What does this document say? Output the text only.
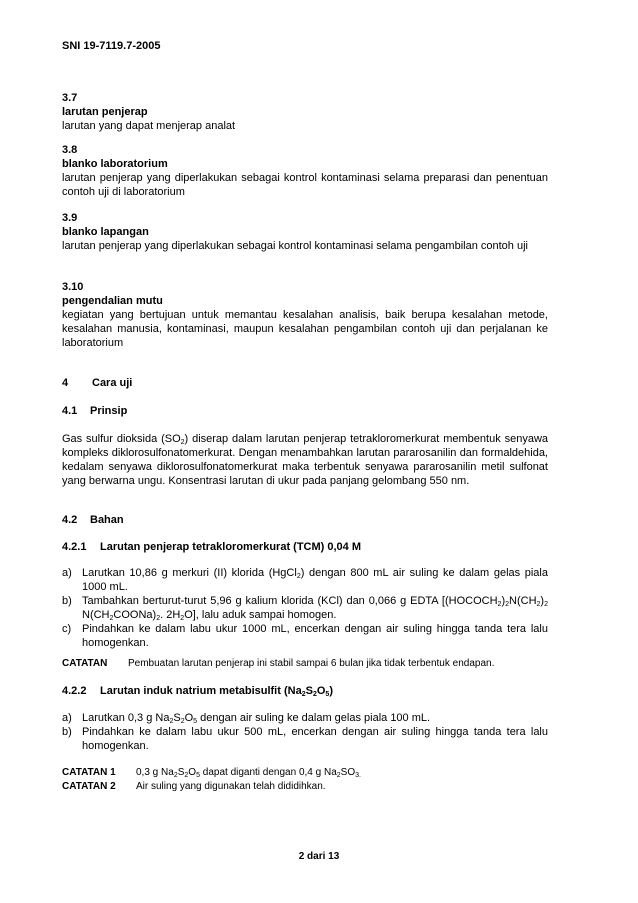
SNI 19-7119.7-2005

3.7

larutan penjerap

larutan yang dapat menjerap analat

3.8

blanko laboratorium

larutan penjerap yang diperlakukan sebagai kontrol kontaminasi selama preparasi dan penentuan contoh uji di laboratorium

3.9

blanko lapangan

larutan penjerap yang diperlakukan sebagai kontrol kontaminasi selama pengambilan contoh uji

3.10

pengendalian mutu

kegiatan yang bertujuan untuk memantau kesalahan analisis, baik berupa kesalahan metode, kesalahan manusia, kontaminasi, maupun kesalahan pengambilan contoh uji dan perjalanan ke laboratorium

4 Cara uji

4.1 Prinsip

Gas sulfur dioksida $(SO_2)$ diserap dalam larutan penjerap tetrakloromerkurat membentuk senyawa kompleks diklorosulfonatomerkurat. Dengan menambahkan larutan pararosanilin dan formaldehida, kedalam senyawa diklorosulfonatomerkurat maka terbentuk senyawa pararosanilin metil sulfonat yang berwarna ungu. Konsentrasi larutan di ukur pada panjang gelombang 550 nm.

4.2 Bahan

4.2.1 Larutan penjerap tetrakloromerkurat (TCM) 0,04 M

a) Larutkan 10,86 g merkuri (II) klorida (HgCl$_2$) dengan 800 mL air suling ke dalam gelas piala 1000 mL.
b) Tambahkan berturut-turut 5,96 g kalium klorida (KCl) dan 0,066 g EDTA [$(HOCOCH_2)_2N(CH_2)_2$ $N(CH_2COONa)_2$. $2H_2O$], lalu aduk sampai homogen.
c) Pindahkan ke dalam labu ukur 1000 mL, encerkan dengan air suling hingga tanda tera lalu homogenkan.

CATATAN Pembuatan larutan penjerap ini stabil sampai 6 bulan jika tidak terbentuk endapan.

4.2.2 Larutan induk natrium metabisulfit $(Na_2S_2O_5)$

a) Larutkan 0,3 g $Na_2S_2O_5$ dengan air suling ke dalam gelas piala 100 mL.
b) Pindahkan ke dalam labu ukur 500 mL, encerkan dengan air suling hingga tanda tera lalu homogenkan.

CATATAN 1 0,3 g $Na_2S_2O_5$ dapat diganti dengan 0,4 g $Na_2SO_{3.}$

CATATAN 2 Air suling yang digunakan telah dididihkan.

2 dari 13
